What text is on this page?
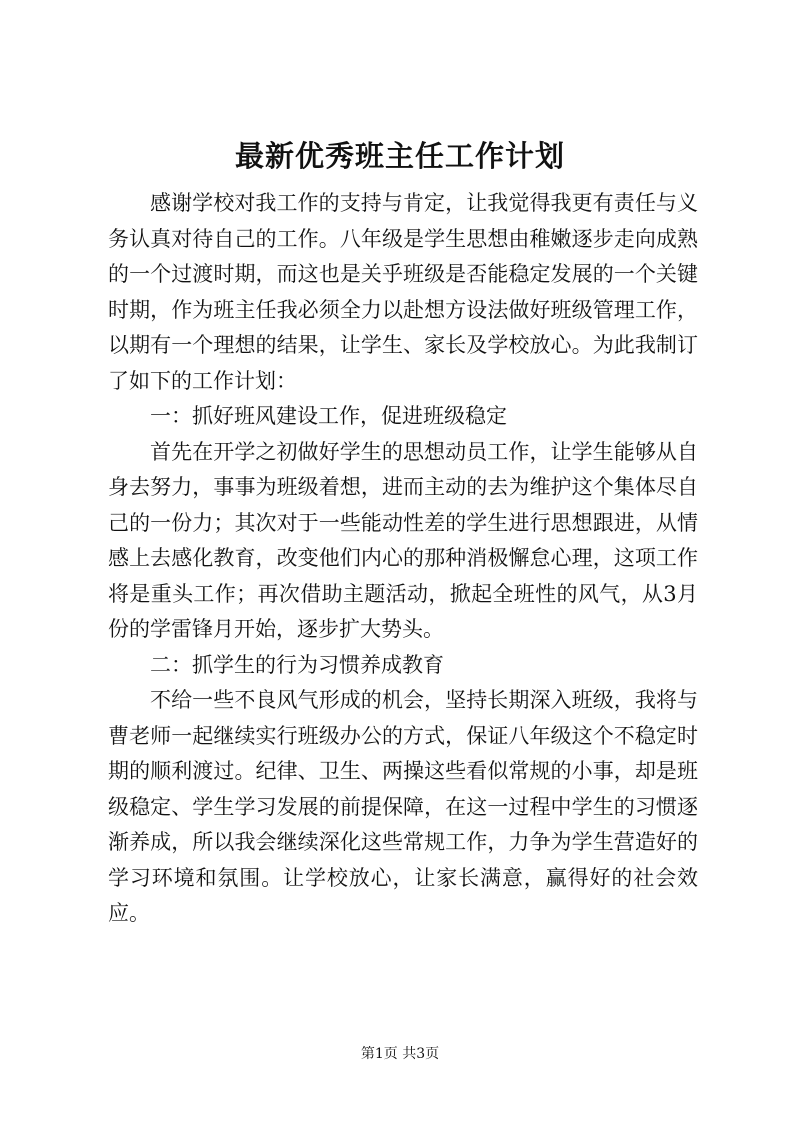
最新优秀班主任工作计划

感谢学校对我工作的支持与肯定，让我觉得我更有责任与义务认真对待自己的工作。八年级是学生思想由稚嫩逐步走向成熟的一个过渡时期，而这也是关乎班级是否能稳定发展的一个关键时期，作为班主任我必须全力以赴想方设法做好班级管理工作，以期有一个理想的结果，让学生、家长及学校放心。为此我制订了如下的工作计划：

一：抓好班风建设工作，促进班级稳定

首先在开学之初做好学生的思想动员工作，让学生能够从自身去努力，事事为班级着想，进而主动的去为维护这个集体尽自己的一份力；其次对于一些能动性差的学生进行思想跟进，从情感上去感化教育，改变他们内心的那种消极懈怠心理，这项工作将是重头工作；再次借助主题活动，掀起全班性的风气，从3月份的学雷锋月开始，逐步扩大势头。

二：抓学生的行为习惯养成教育

不给一些不良风气形成的机会，坚持长期深入班级，我将与曹老师一起继续实行班级办公的方式，保证八年级这个不稳定时期的顺利渡过。纪律、卫生、两操这些看似常规的小事，却是班级稳定、学生学习发展的前提保障，在这一过程中学生的习惯逐渐养成，所以我会继续深化这些常规工作，力争为学生营造好的学习环境和氛围。让学校放心，让家长满意，赢得好的社会效应。

第1页 共3页
